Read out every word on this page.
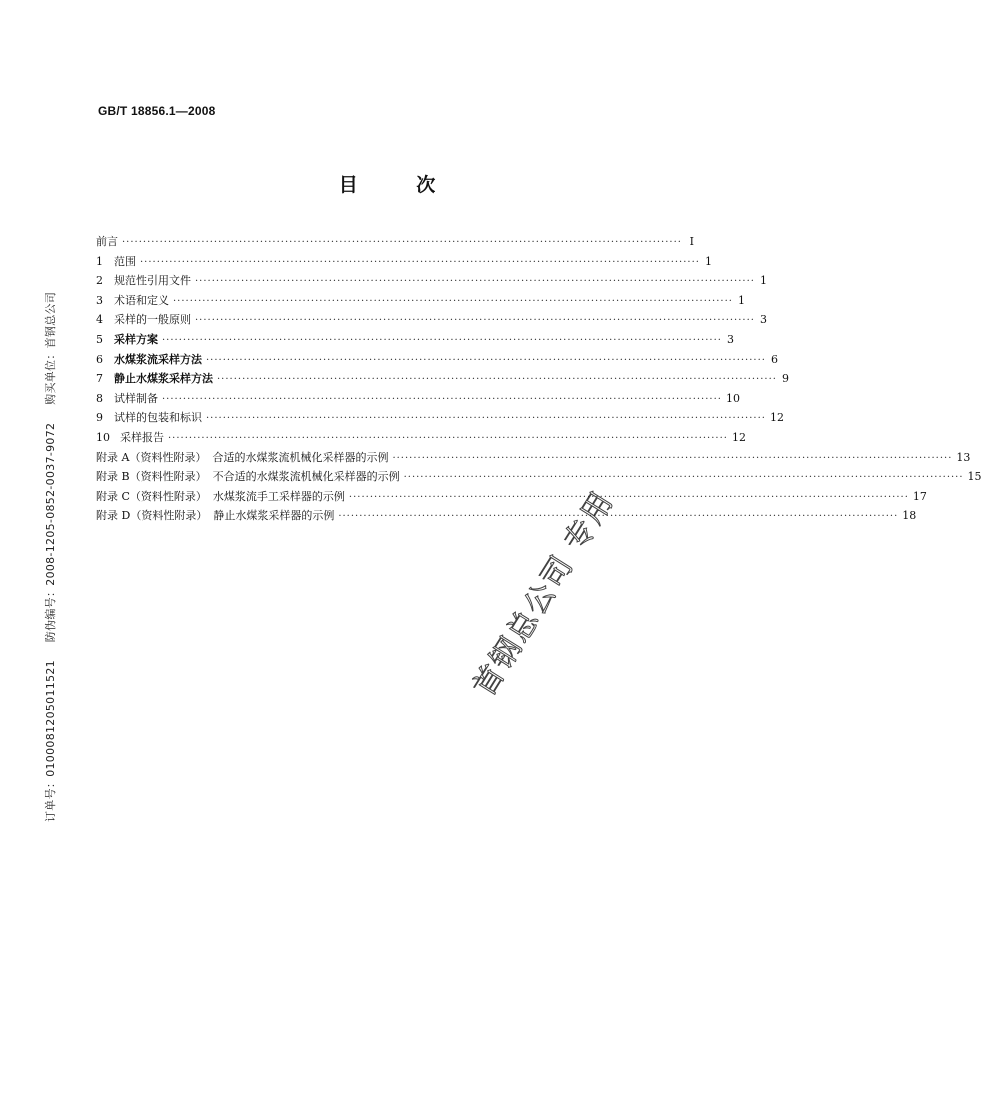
GB/T 18856.1—2008
目 次
前言 ······································································································································ Ⅰ
1	范围 ······································································································································ 1
2	规范性引用文件 ······································································································································ 1
3	术语和定义 ······································································································································ 1
4	采样的一般原则 ······································································································································ 3
5	采样方案 ······································································································································ 3
6	水煤浆流采样方法 ······································································································································ 6
7	静止水煤浆采样方法 ······································································································································ 9
8	试样制备 ······································································································································ 10
9	试样的包装和标识 ······································································································································ 12
10 采样报告 ······································································································································ 12
附录 A（资料性附录） 合适的水煤浆流机械化采样器的示例 ······································································································································ 13
附录 B（资料性附录） 不合适的水煤浆流机械化采样器的示例 ······································································································································ 15
附录 C（资料性附录） 水煤浆流手工采样器的示例 ······································································································································ 17
附录 D（资料性附录） 静止水煤浆采样器的示例 ······································································································································ 18
订单号：0100081205011521 防伪编号：2008-1205-0852-0037-9072 购买单位：首钢总公司
首钢总公司 专用
